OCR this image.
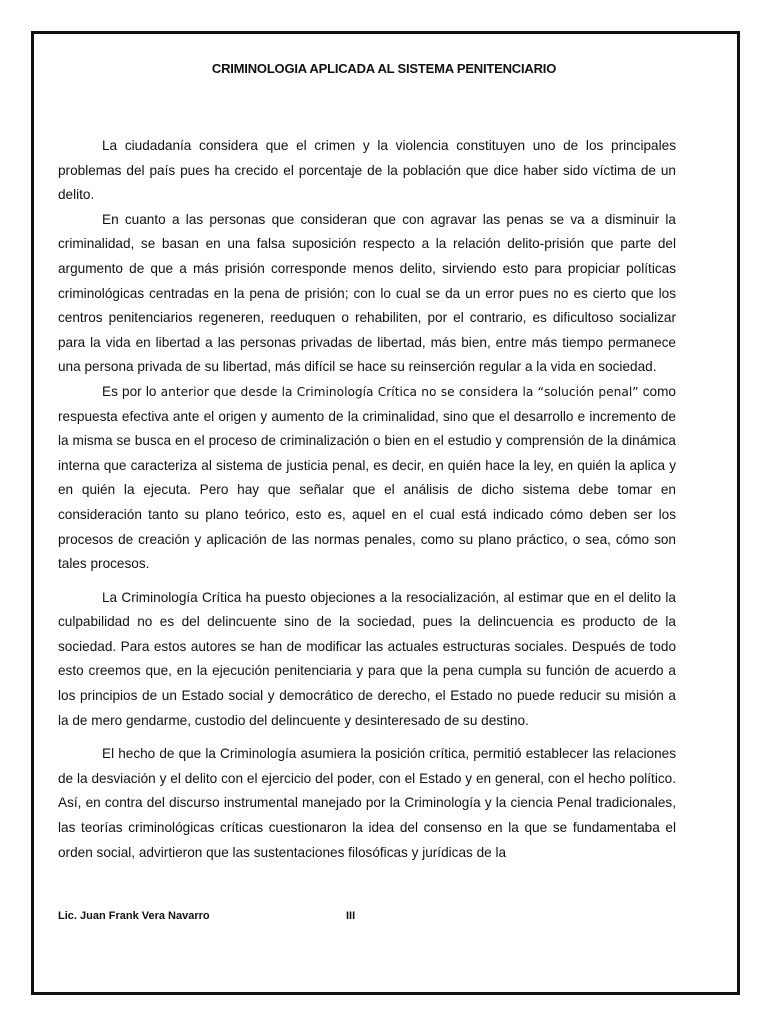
CRIMINOLOGIA APLICADA AL SISTEMA PENITENCIARIO

La ciudadanía considera que el crimen y la violencia constituyen uno de los principales problemas del país pues ha crecido el porcentaje de la población que dice haber sido víctima de un delito.

En cuanto a las personas que consideran que con agravar las penas se va a disminuir la criminalidad, se basan en una falsa suposición respecto a la relación delito-prisión que parte del argumento de que a más prisión corresponde menos delito, sirviendo esto para propiciar políticas criminológicas centradas en la pena de prisión; con lo cual se da un error pues no es cierto que los centros penitenciarios regeneren, reeduquen o rehabiliten, por el contrario, es dificultoso socializar para la vida en libertad a las personas privadas de libertad, más bien, entre más tiempo permanece una persona privada de su libertad, más difícil se hace su reinserción regular a la vida en sociedad.

Es por lo anterior que desde la Criminología Crítica no se considera la “solución penal” como respuesta efectiva ante el origen y aumento de la criminalidad, sino que el desarrollo e incremento de la misma se busca en el proceso de criminalización o bien en el estudio y comprensión de la dinámica interna que caracteriza al sistema de justicia penal, es decir, en quién hace la ley, en quién la aplica y en quién la ejecuta. Pero hay que señalar que el análisis de dicho sistema debe tomar en consideración tanto su plano teórico, esto es, aquel en el cual está indicado cómo deben ser los procesos de creación y aplicación de las normas penales, como su plano práctico, o sea, cómo son tales procesos.

La Criminología Crítica ha puesto objeciones a la resocialización, al estimar que en el delito la culpabilidad no es del delincuente sino de la sociedad, pues la delincuencia es producto de la sociedad. Para estos autores se han de modificar las actuales estructuras sociales. Después de todo esto creemos que, en la ejecución penitenciaria y para que la pena cumpla su función de acuerdo a los principios de un Estado social y democrático de derecho, el Estado no puede reducir su misión a la de mero gendarme, custodio del delincuente y desinteresado de su destino.

El hecho de que la Criminología asumiera la posición crítica, permitió establecer las relaciones de la desviación y el delito con el ejercicio del poder, con el Estado y en general, con el hecho político. Así, en contra del discurso instrumental manejado por la Criminología y la ciencia Penal tradicionales, las teorías criminológicas críticas cuestionaron la idea del consenso en la que se fundamentaba el orden social, advirtieron que las sustentaciones filosóficas y jurídicas de la

Lic. Juan Frank Vera Navarro	III
